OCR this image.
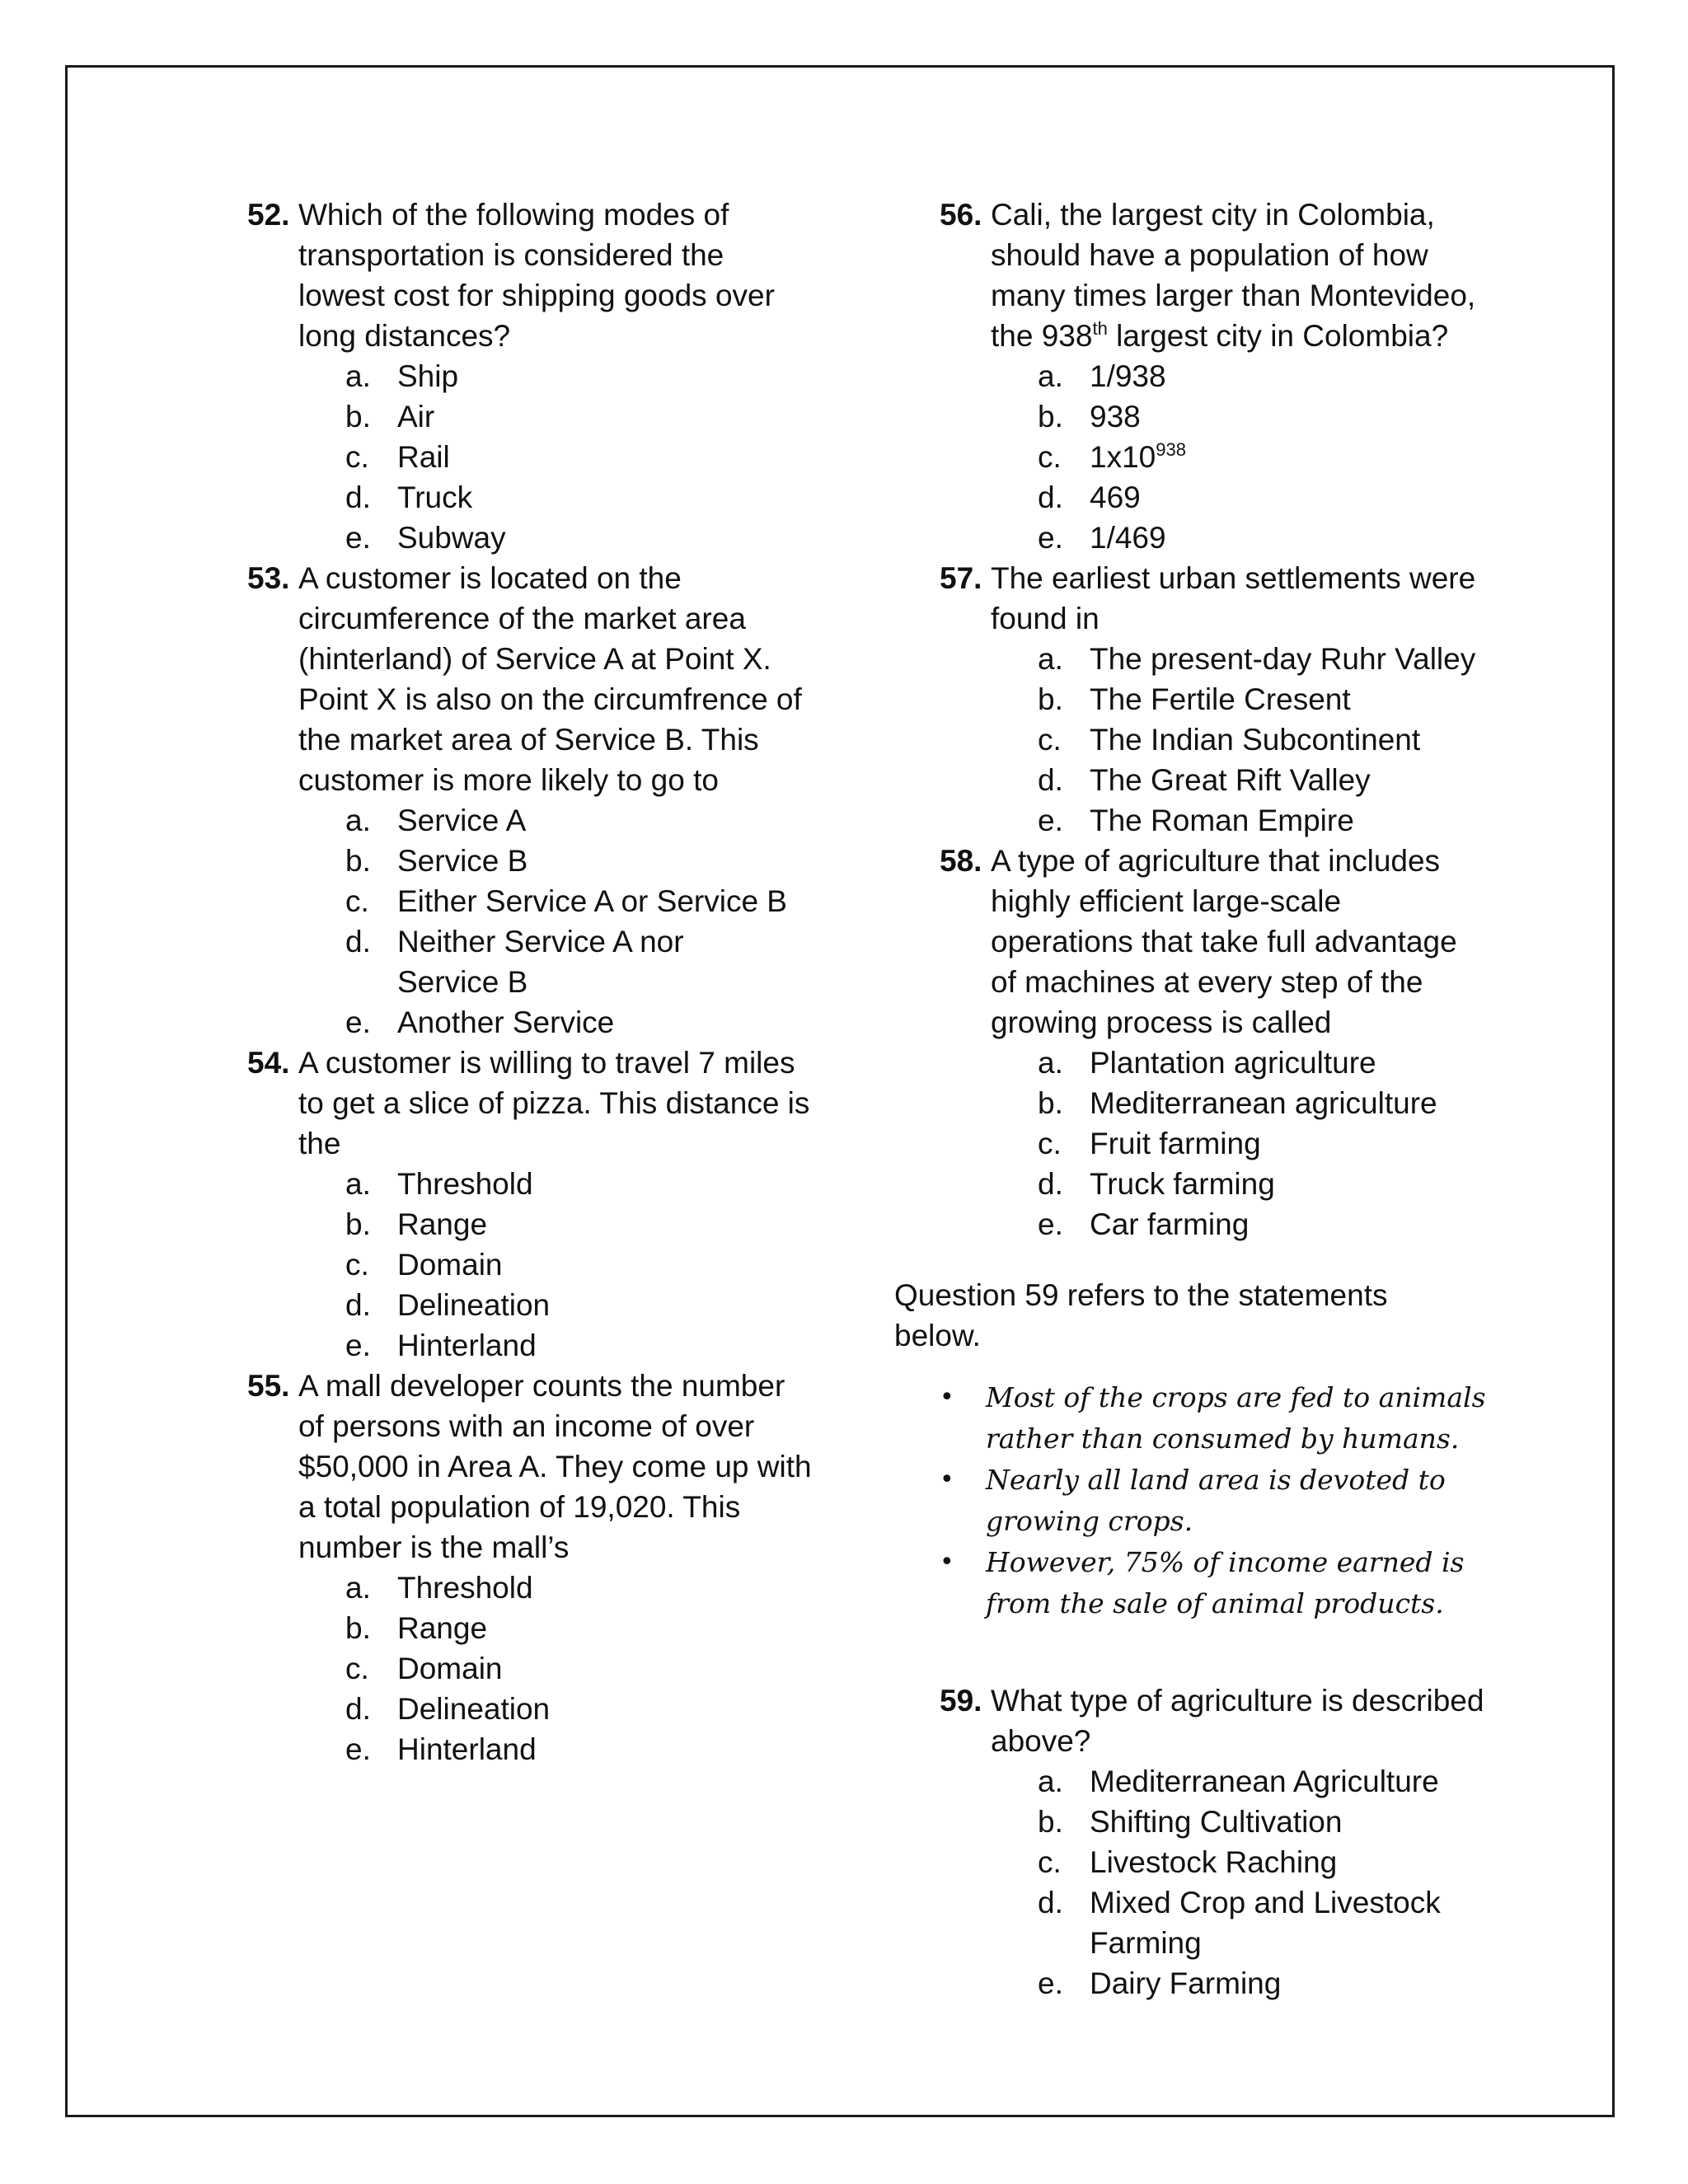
52. Which of the following modes of transportation is considered the lowest cost for shipping goods over long distances?
a. Ship
b. Air
c. Rail
d. Truck
e. Subway
53. A customer is located on the circumference of the market area (hinterland) of Service A at Point X. Point X is also on the circumfrence of the market area of Service B. This customer is more likely to go to
a. Service A
b. Service B
c. Either Service A or Service B
d. Neither Service A nor Service B
e. Another Service
54. A customer is willing to travel 7 miles to get a slice of pizza. This distance is the
a. Threshold
b. Range
c. Domain
d. Delineation
e. Hinterland
55. A mall developer counts the number of persons with an income of over $50,000 in Area A. They come up with a total population of 19,020. This number is the mall’s
a. Threshold
b. Range
c. Domain
d. Delineation
e. Hinterland
56. Cali, the largest city in Colombia, should have a population of how many times larger than Montevideo, the 938th largest city in Colombia?
a. 1/938
b. 938
c. $1x10^{938}$
d. 469
e. 1/469
57. The earliest urban settlements were found in
a. The present-day Ruhr Valley
b. The Fertile Cresent
c. The Indian Subcontinent
d. The Great Rift Valley
e. The Roman Empire
58. A type of agriculture that includes highly efficient large-scale operations that take full advantage of machines at every step of the growing process is called
a. Plantation agriculture
b. Mediterranean agriculture
c. Fruit farming
d. Truck farming
e. Car farming
Question 59 refers to the statements below.
• Most of the crops are fed to animals rather than consumed by humans.
• Nearly all land area is devoted to growing crops.
• However, 75% of income earned is from the sale of animal products.
59. What type of agriculture is described above?
a. Mediterranean Agriculture
b. Shifting Cultivation
c. Livestock Raching
d. Mixed Crop and Livestock Farming
e. Dairy Farming
